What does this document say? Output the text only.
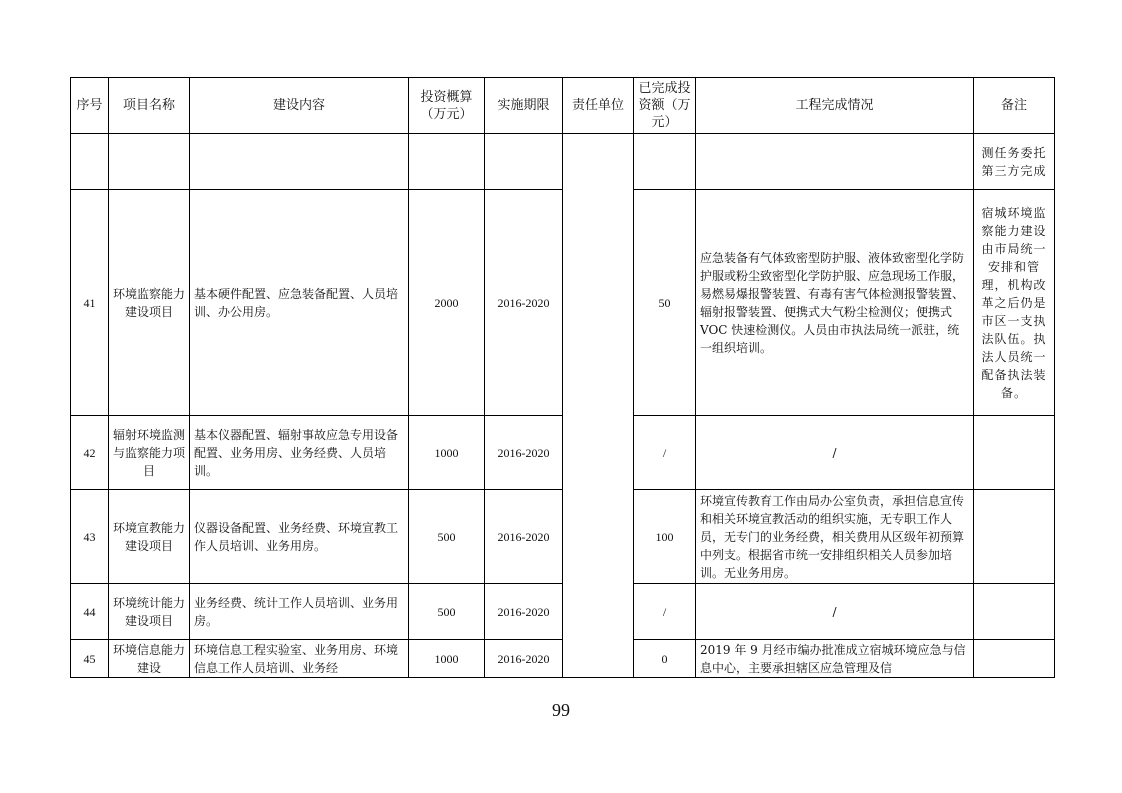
序号	项目名称	建设内容	投资概算（万元）	实施期限	责任单位	已完成投资额（万元）	工程完成情况	备注
								测任务委托第三方完成
41	环境监察能力建设项目	基本硬件配置、应急装备配置、人员培训、办公用房。	2000	2016-2020		50	应急装备有气体致密型防护服、液体致密型化学防护服或粉尘致密型化学防护服、应急现场工作服，易燃易爆报警装置、有毒有害气体检测报警装置、辐射报警装置、便携式大气粉尘检测仪；便携式 VOC 快速检测仪。人员由市执法局统一派驻，统一组织培训。	宿城环境监察能力建设由市局统一安排和管理，机构改革之后仍是市区一支执法队伍。执法人员统一配备执法装备。
42	辐射环境监测与监察能力项目	基本仪器配置、辐射事故应急专用设备配置、业务用房、业务经费、人员培训。	1000	2016-2020		/	/	
43	环境宣教能力建设项目	仪器设备配置、业务经费、环境宣教工作人员培训、业务用房。	500	2016-2020		100	环境宣传教育工作由局办公室负责，承担信息宣传和相关环境宣教活动的组织实施，无专职工作人员，无专门的业务经费，相关费用从区级年初预算中列支。根据省市统一安排组织相关人员参加培训。无业务用房。	
44	环境统计能力建设项目	业务经费、统计工作人员培训、业务用房。	500	2016-2020		/	/	
45	环境信息能力建设	环境信息工程实验室、业务用房、环境信息工作人员培训、业务经	1000	2016-2020		0	2019 年 9 月经市编办批准成立宿城环境应急与信息中心，主要承担辖区应急管理及信	
99
